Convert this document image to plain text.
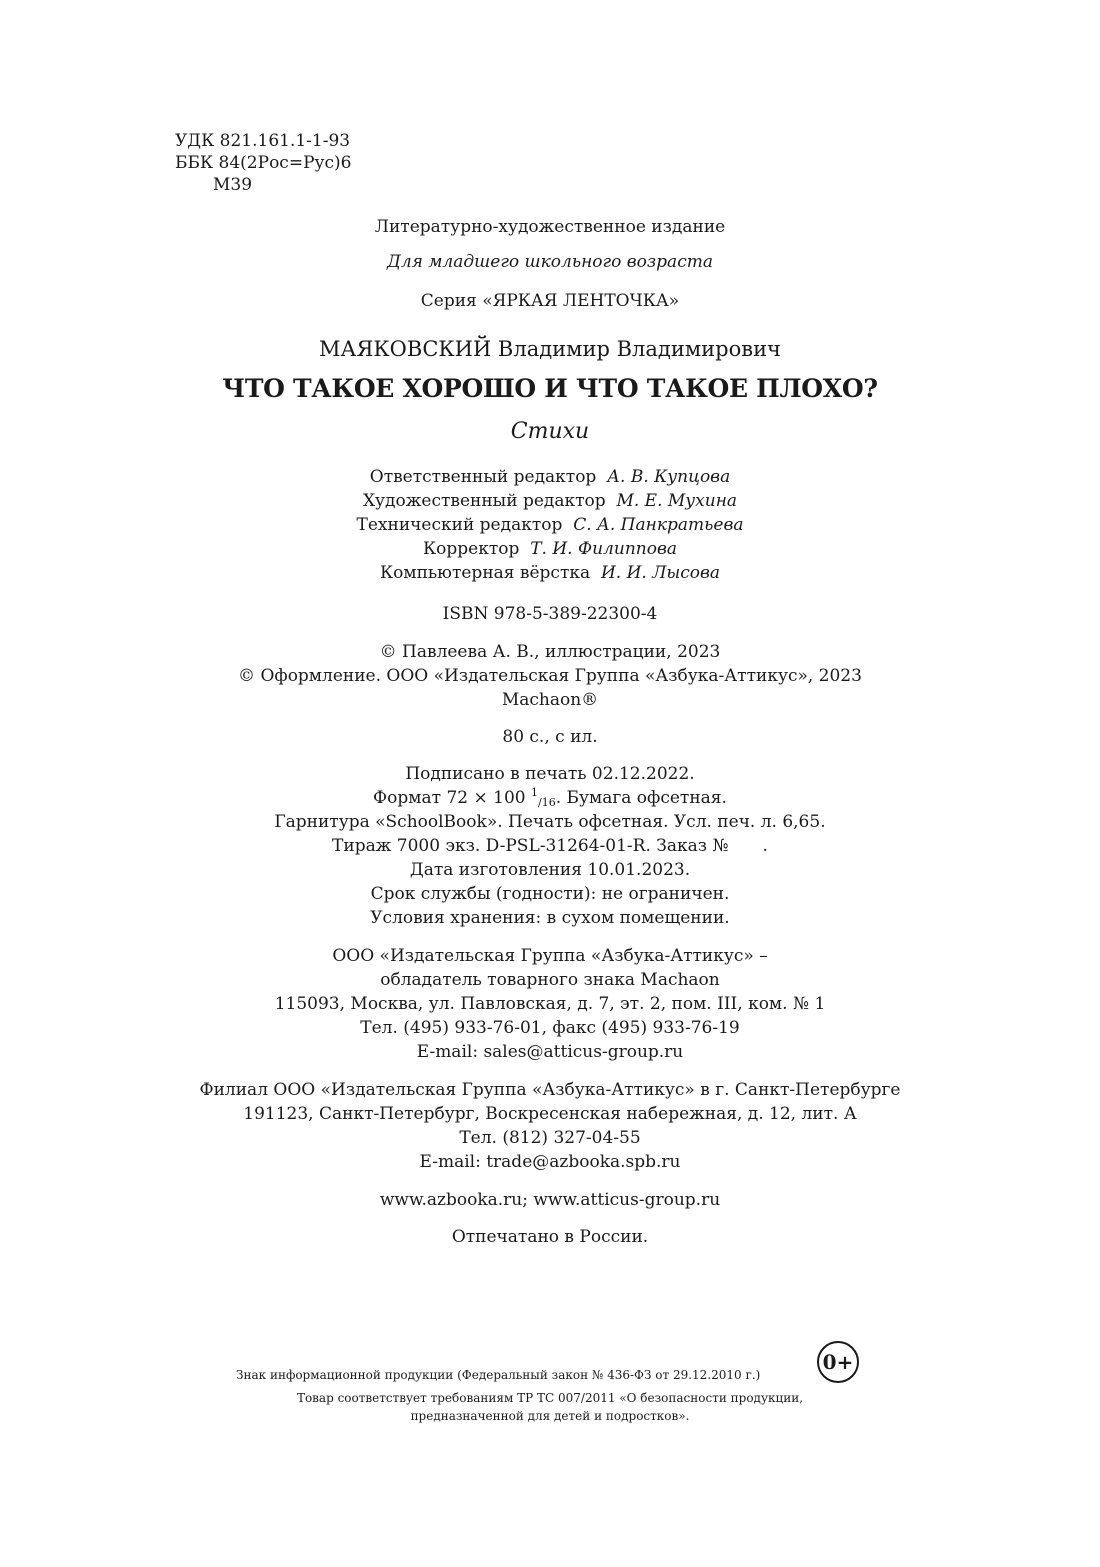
УДК 821.161.1-1-93
ББК 84(2Рос=Рус)6
М39
Литературно-художественное издание
Для младшего школьного возраста
Серия «ЯРКАЯ ЛЕНТОЧКА»
МАЯКОВСКИЙ Владимир Владимирович
ЧТО ТАКОЕ ХОРОШО И ЧТО ТАКОЕ ПЛОХО?
Стихи
Ответственный редактор А. В. Купцова
Художественный редактор М. Е. Мухина
Технический редактор С. А. Панкратьева
Корректор Т. И. Филиппова
Компьютерная вёрстка И. И. Лысова
ISBN 978-5-389-22300-4
© Павлеева А. В., иллюстрации, 2023
© Оформление. ООО «Издательская Группа «Азбука-Аттикус», 2023
Machaon®
80 с., с ил.
Подписано в печать 02.12.2022.
Формат 72 × 100 $^1$/16. Бумага офсетная.
Гарнитура «SchoolBook». Печать офсетная. Усл. печ. л. 6,65.
Тираж 7000 экз. D-PSL-31264-01-R. Заказ № .
Дата изготовления 10.01.2023.
Срок службы (годности): не ограничен.
Условия хранения: в сухом помещении.
ООО «Издательская Группа «Азбука-Аттикус» –
обладатель товарного знака Machaon
115093, Москва, ул. Павловская, д. 7, эт. 2, пом. III, ком. № 1
Тел. (495) 933-76-01, факс (495) 933-76-19
E-mail: sales@atticus-group.ru
Филиал ООО «Издательская Группа «Азбука-Аттикус» в г. Санкт-Петербурге
191123, Санкт-Петербург, Воскресенская набережная, д. 12, лит. А
Тел. (812) 327-04-55
E-mail: trade@azbooka.spb.ru
www.azbooka.ru; www.atticus-group.ru
Отпечатано в России.
Знак информационной продукции (Федеральный закон № 436-ФЗ от 29.12.2010 г.)
0+
Товар соответствует требованиям ТР ТС 007/2011 «О безопасности продукции,
предназначенной для детей и подростков».
